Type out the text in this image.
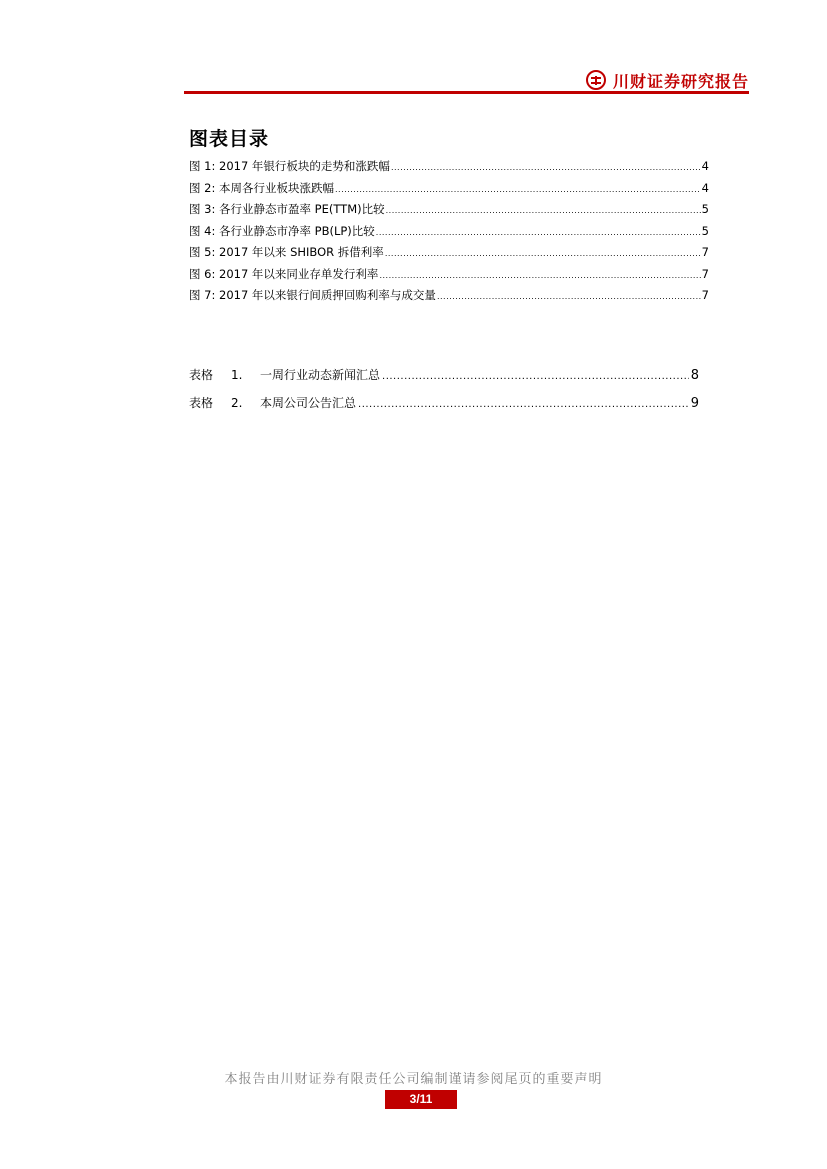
川财证券研究报告
图表目录
图 1: 2017 年银行板块的走势和涨跌幅 .....	4
图 2: 本周各行业板块涨跌幅 .....	4
图 3: 各行业静态市盈率 PE(TTM)比较 .....	5
图 4: 各行业静态市净率 PB(LP)比较 .....	5
图 5: 2017 年以来 SHIBOR 拆借利率 .....	7
图 6: 2017 年以来同业存单发行利率 .....	7
图 7: 2017 年以来银行间质押回购利率与成交量 .....	7
表格	1.	一周行业动态新闻汇总 .....	8
表格	2.	本周公司公告汇总 .....	9
本报告由川财证券有限责任公司编制谨请参阅尾页的重要声明
3/11
